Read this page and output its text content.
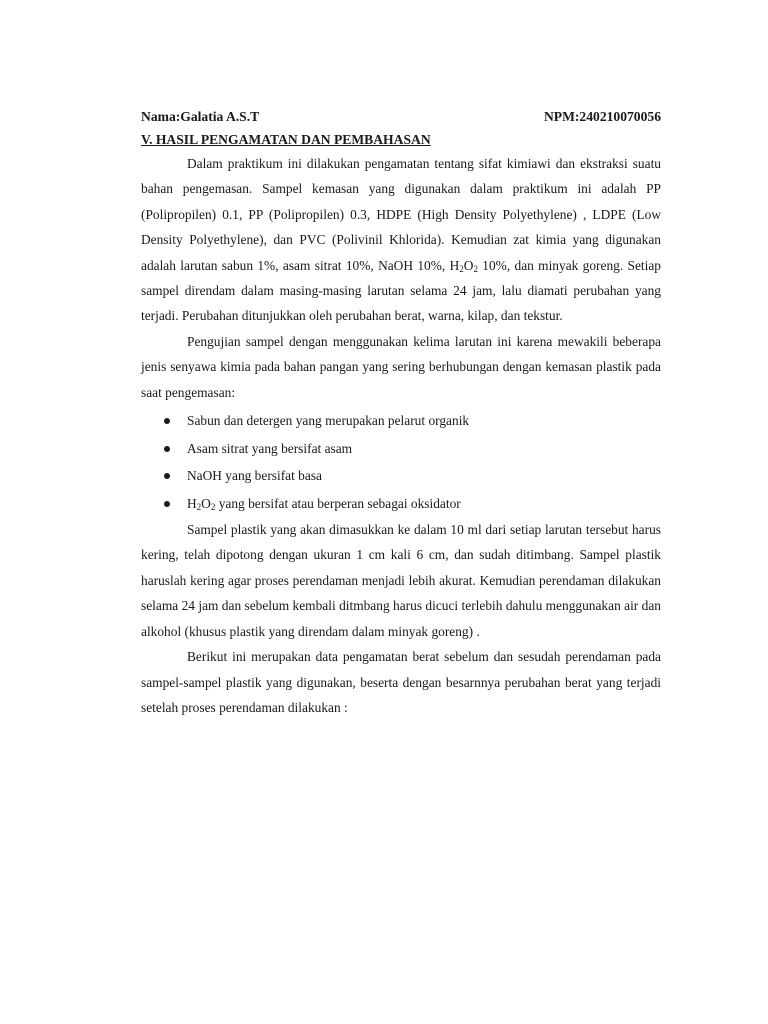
Nama:Galatia A.S.T	NPM:240210070056
V. HASIL PENGAMATAN DAN PEMBAHASAN

Dalam praktikum ini dilakukan pengamatan tentang sifat kimiawi dan ekstraksi suatu bahan pengemasan. Sampel kemasan yang digunakan dalam praktikum ini adalah PP (Polipropilen) 0.1, PP (Polipropilen) 0.3, HDPE (High Density Polyethylene) , LDPE (Low Density Polyethylene), dan PVC (Polivinil Khlorida). Kemudian zat kimia yang digunakan adalah larutan sabun 1%, asam sitrat 10%, NaOH 10%, $H_2O_2$ 10%, dan minyak goreng. Setiap sampel direndam dalam masing-masing larutan selama 24 jam, lalu diamati perubahan yang terjadi. Perubahan ditunjukkan oleh perubahan berat, warna, kilap, dan tekstur.

Pengujian sampel dengan menggunakan kelima larutan ini karena mewakili beberapa jenis senyawa kimia pada bahan pangan yang sering berhubungan dengan kemasan plastik pada saat pengemasan:

Sabun dan detergen yang merupakan pelarut organik
Asam sitrat yang bersifat asam
NaOH yang bersifat basa
$H_2O_2$ yang bersifat atau berperan sebagai oksidator

Sampel plastik yang akan dimasukkan ke dalam 10 ml dari setiap larutan tersebut harus kering, telah dipotong dengan ukuran 1 cm kali 6 cm, dan sudah ditimbang. Sampel plastik haruslah kering agar proses perendaman menjadi lebih akurat. Kemudian perendaman dilakukan selama 24 jam dan sebelum kembali ditmbang harus dicuci terlebih dahulu menggunakan air dan alkohol (khusus plastik yang direndam dalam minyak goreng) .

Berikut ini merupakan data pengamatan berat sebelum dan sesudah perendaman pada sampel-sampel plastik yang digunakan, beserta dengan besarnnya perubahan berat yang terjadi setelah proses perendaman dilakukan :
